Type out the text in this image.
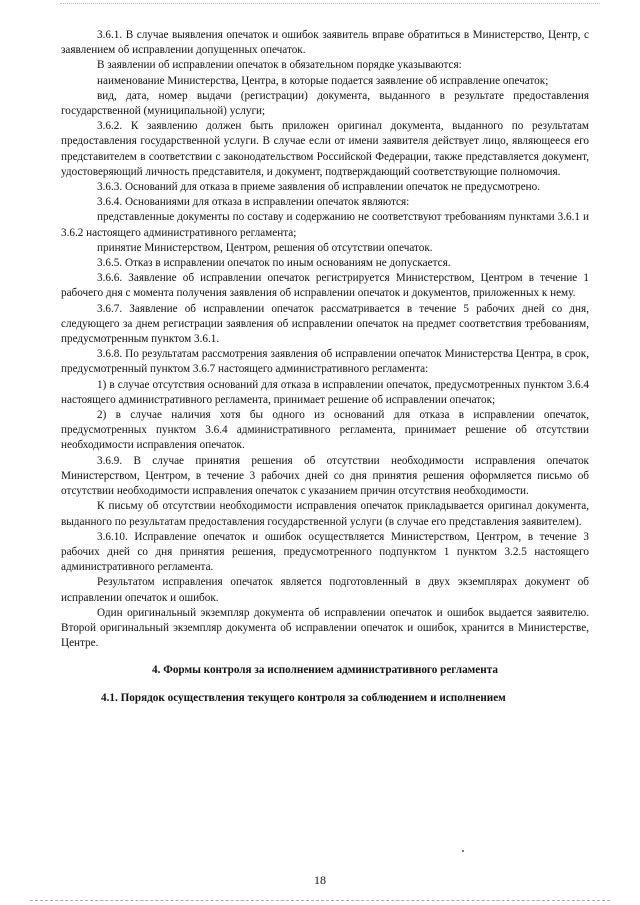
3.6.1. В случае выявления опечаток и ошибок заявитель вправе обратиться в Министерство, Центр, с заявлением об исправлении допущенных опечаток.

В заявлении об исправлении опечаток в обязательном порядке указываются:

наименование Министерства, Центра, в которые подается заявление об исправление опечаток;

вид, дата, номер выдачи (регистрации) документа, выданного в результате предоставления государственной (муниципальной) услуги;

3.6.2. К заявлению должен быть приложен оригинал документа, выданного по результатам предоставления государственной услуги. В случае если от имени заявителя действует лицо, являющееся его представителем в соответствии с законодательством Российской Федерации, также представляется документ, удостоверяющий личность представителя, и документ, подтверждающий соответствующие полномочия.

3.6.3. Оснований для отказа в приеме заявления об исправлении опечаток не предусмотрено.

3.6.4. Основаниями для отказа в исправлении опечаток являются:

представленные документы по составу и содержанию не соответствуют требованиям пунктами 3.6.1 и 3.6.2 настоящего административного регламента;

принятие Министерством, Центром, решения об отсутствии опечаток.

3.6.5. Отказ в исправлении опечаток по иным основаниям не допускается.

3.6.6. Заявление об исправлении опечаток регистрируется Министерством, Центром в течение 1 рабочего дня с момента получения заявления об исправлении опечаток и документов, приложенных к нему.

3.6.7. Заявление об исправлении опечаток рассматривается в течение 5 рабочих дней со дня, следующего за днем регистрации заявления об исправлении опечаток на предмет соответствия требованиям, предусмотренным пунктом 3.6.1.

3.6.8. По результатам рассмотрения заявления об исправлении опечаток Министерства Центра, в срок, предусмотренный пунктом 3.6.7 настоящего административного регламента:

1) в случае отсутствия оснований для отказа в исправлении опечаток, предусмотренных пунктом 3.6.4 настоящего административного регламента, принимает решение об исправлении опечаток;

2) в случае наличия хотя бы одного из оснований для отказа в исправлении опечаток, предусмотренных пунктом 3.6.4 административного регламента, принимает решение об отсутствии необходимости исправления опечаток.

3.6.9. В случае принятия решения об отсутствии необходимости исправления опечаток Министерством, Центром, в течение 3 рабочих дней со дня принятия решения оформляется письмо об отсутствии необходимости исправления опечаток с указанием причин отсутствия необходимости.

К письму об отсутствии необходимости исправления опечаток прикладывается оригинал документа, выданного по результатам предоставления государственной услуги (в случае его представления заявителем).

3.6.10. Исправление опечаток и ошибок осуществляется Министерством, Центром, в течение 3 рабочих дней со дня принятия решения, предусмотренного подпунктом 1 пунктом 3.2.5 настоящего административного регламента.

Результатом исправления опечаток является подготовленный в двух экземплярах документ об исправлении опечаток и ошибок.

Один оригинальный экземпляр документа об исправлении опечаток и ошибок выдается заявителю. Второй оригинальный экземпляр документа об исправлении опечаток и ошибок, хранится в Министерстве, Центре.

4. Формы контроля за исполнением административного регламента

4.1. Порядок осуществления текущего контроля за соблюдением и исполнением

18
